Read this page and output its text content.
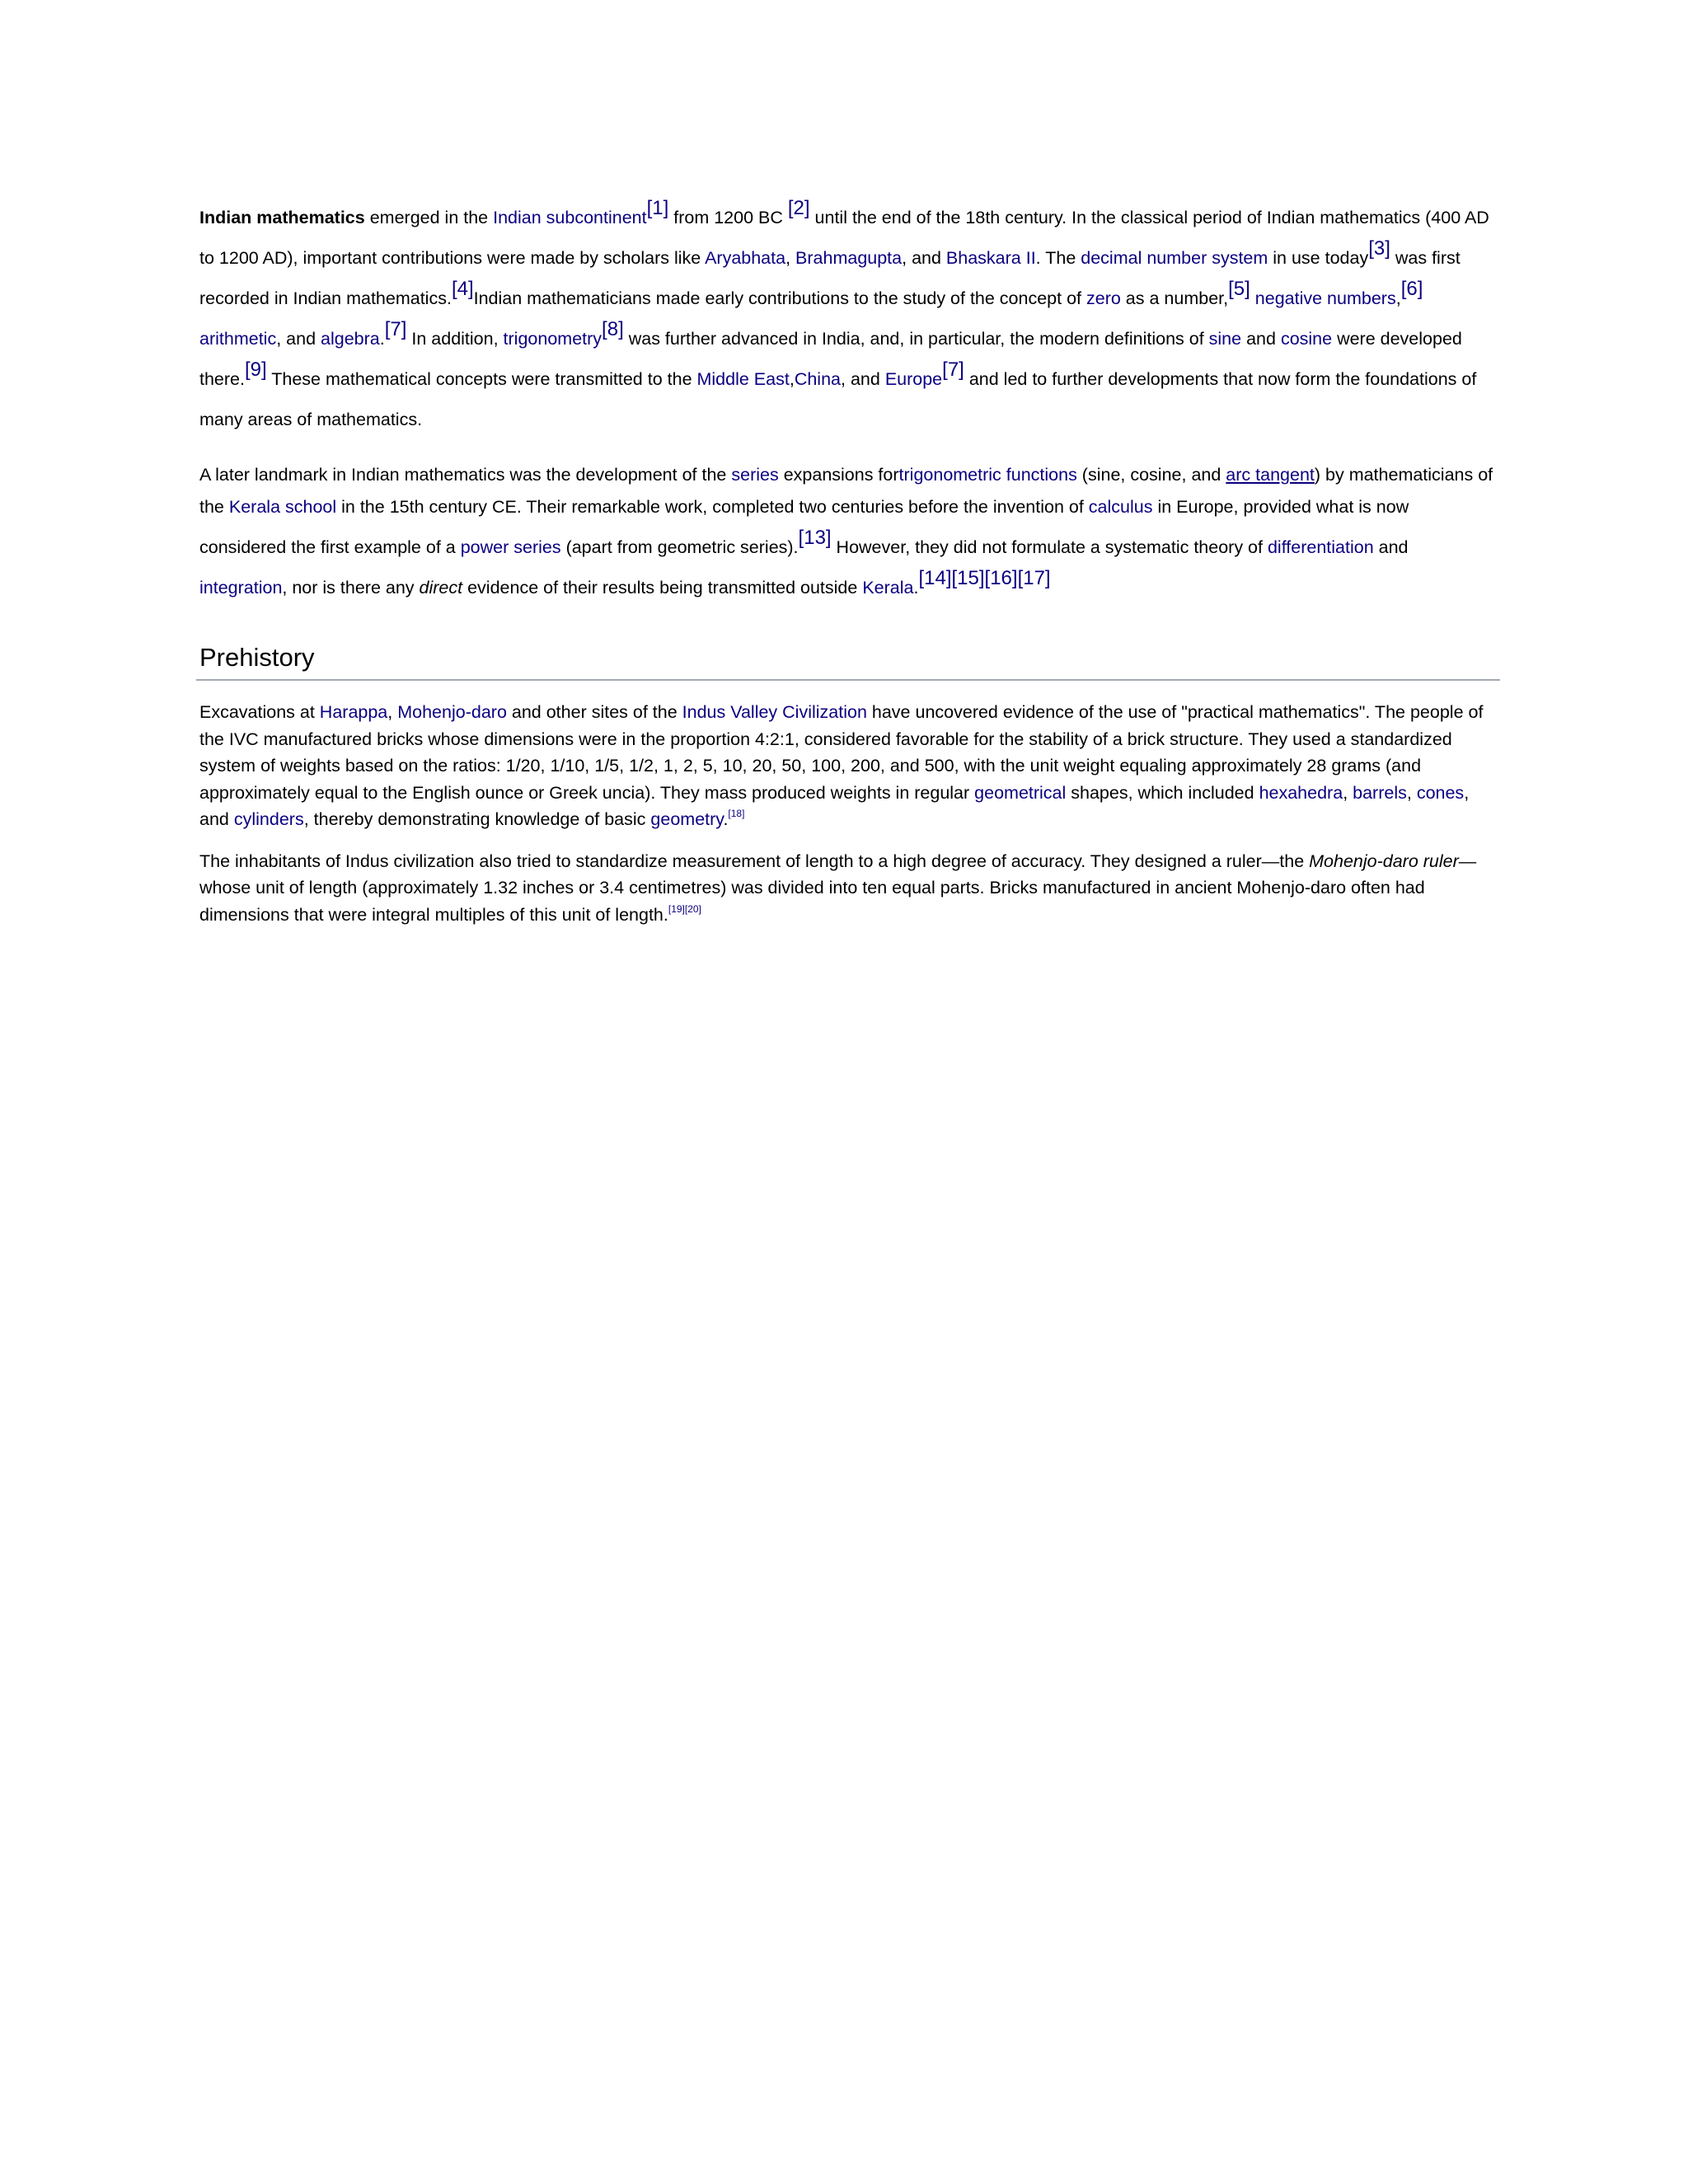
Indian mathematics emerged in the Indian subcontinent[1] from 1200 BC [2] until the end of the 18th century. In the classical period of Indian mathematics (400 AD to 1200 AD), important contributions were made by scholars like Aryabhata, Brahmagupta, and Bhaskara II. The decimal number system in use today[3] was first recorded in Indian mathematics.[4]Indian mathematicians made early contributions to the study of the concept of zero as a number,[5] negative numbers,[6] arithmetic, and algebra.[7] In addition, trigonometry[8] was further advanced in India, and, in particular, the modern definitions of sine and cosine were developed there.[9] These mathematical concepts were transmitted to the Middle East,China, and Europe[7] and led to further developments that now form the foundations of many areas of mathematics.

A later landmark in Indian mathematics was the development of the series expansions fortrigonometric functions (sine, cosine, and arc tangent) by mathematicians of the Kerala school in the 15th century CE. Their remarkable work, completed two centuries before the invention of calculus in Europe, provided what is now considered the first example of a power series (apart from geometric series).[13] However, they did not formulate a systematic theory of differentiation and integration, nor is there any direct evidence of their results being transmitted outside Kerala.[14][15][16][17]

Prehistory

Excavations at Harappa, Mohenjo-daro and other sites of the Indus Valley Civilization have uncovered evidence of the use of "practical mathematics". The people of the IVC manufactured bricks whose dimensions were in the proportion 4:2:1, considered favorable for the stability of a brick structure. They used a standardized system of weights based on the ratios: 1/20, 1/10, 1/5, 1/2, 1, 2, 5, 10, 20, 50, 100, 200, and 500, with the unit weight equaling approximately 28 grams (and approximately equal to the English ounce or Greek uncia). They mass produced weights in regular geometrical shapes, which included hexahedra, barrels, cones, and cylinders, thereby demonstrating knowledge of basic geometry.[18]

The inhabitants of Indus civilization also tried to standardize measurement of length to a high degree of accuracy. They designed a ruler—the Mohenjo-daro ruler—whose unit of length (approximately 1.32 inches or 3.4 centimetres) was divided into ten equal parts. Bricks manufactured in ancient Mohenjo-daro often had dimensions that were integral multiples of this unit of length.[19][20]
